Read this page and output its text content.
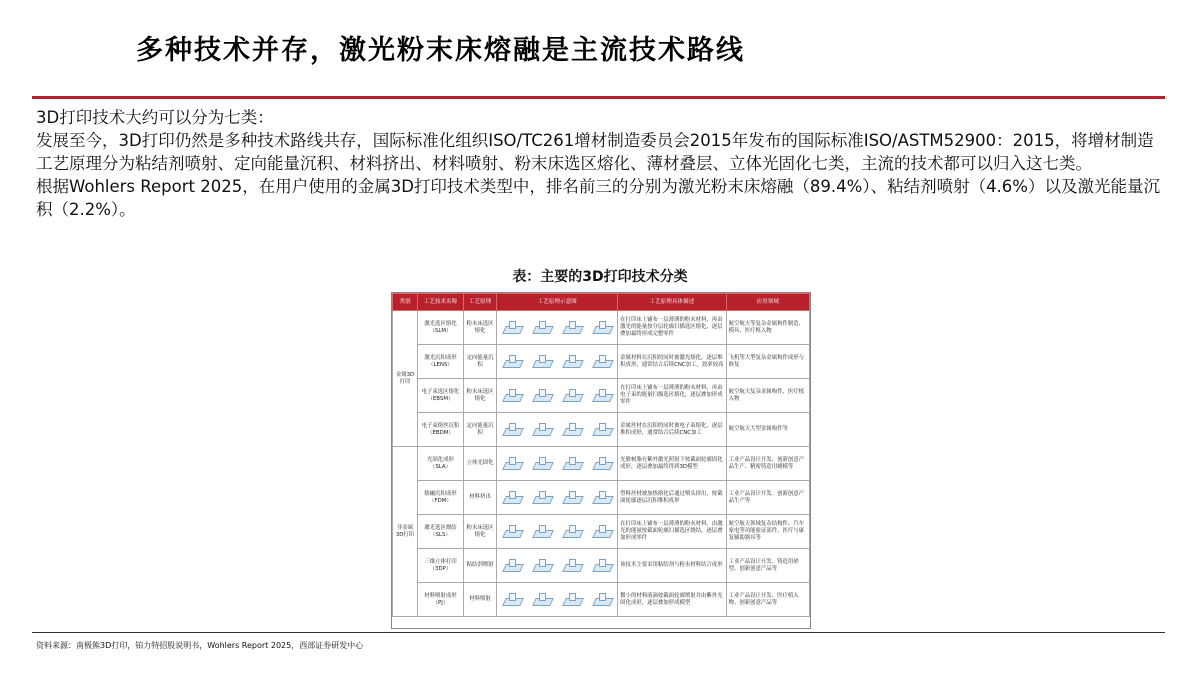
多种技术并存，激光粉末床熔融是主流技术路线

3D打印技术大约可以分为七类：

发展至今，3D打印仍然是多种技术路线共存，国际标准化组织ISO/TC261增材制造委员会2015年发布的国际标准ISO/ASTM52900：2015，将增材制造工艺原理分为粘结剂喷射、定向能量沉积、材料挤出、材料喷射、粉末床选区熔化、薄材叠层、立体光固化七类，主流的技术都可以归入这七类。

根据Wohlers Report 2025，在用户使用的金属3D打印技术类型中，排名前三的分别为激光粉末床熔融（89.4%）、粘结剂喷射（4.6%）以及激光能量沉积（2.2%）。

表：主要的3D打印技术分类
类别	工艺技术名称	工艺原理	工艺原理示意图	工艺原理具体描述	应用领域
金属3D打印	激光选区熔化（SLM）	粉末床选区熔化		在打印床上铺布一层薄薄的粉末材料，再由激光的能量按分层轮廓扫描选区熔化，逐层叠加最终形成完整零件	航空航天等复杂金属构件制造、模具、医疗植入物
	激光沉积成形（LENS）	定向能量沉积		金属材料在沉积的同时被激光熔化，逐层堆积成形，通常结合后续CNC加工，效率较高	飞机等大型复杂金属构件成形与修复
	电子束选区熔化（EBSM）	粉末床选区熔化		在打印床上铺布一层薄薄的粉末材料，再由电子束的能量扫描选区熔化，逐层叠加形成零件	航空航天复杂金属构件、医疗植入物
	电子束熔丝沉积（EBDM）	定向能量沉积		金属丝材在沉积的同时被电子束熔化，逐层堆积成形，通常结合后续CNC加工	航空航天大型金属构件等
非金属3D打印	光固化成形（SLA）	立体光固化		光敏树脂在紫外激光照射下按截面轮廓固化成形，逐层叠加最终得到3D模型	工业产品设计开发、创新创意产品生产、精密铸造用蜡模等
	熔融沉积成形（FDM）	材料挤出		塑料丝材被加热熔化后通过喷头挤出，按截面轮廓逐层沉积堆积成形	工业产品设计开发、创新创意产品生产等
	激光选区烧结（SLS）	粉末床选区熔化		在打印床上铺布一层薄薄的粉末材料，由激光的能量按截面轮廓扫描选区烧结，逐层叠加形成零件	航空航天领域复杂结构件、汽车家电等功能验证部件、医疗与康复辅助器具等
	三维立体打印（3DP）	粘结剂喷射		该技术主要采用粘结剂与粉末材料结合成形	工业产品设计开发、铸造用砂型、创新创意产品等
	材料喷射成形（PJ）	材料喷射		微小的材料液滴按截面轮廓喷射并由紫外光固化成形，逐层叠加形成模型	工业产品设计开发、医疗植入物、创新创意产品等
资料来源：南极熊3D打印，铂力特招股说明书，Wohlers Report 2025，西部证券研发中心
